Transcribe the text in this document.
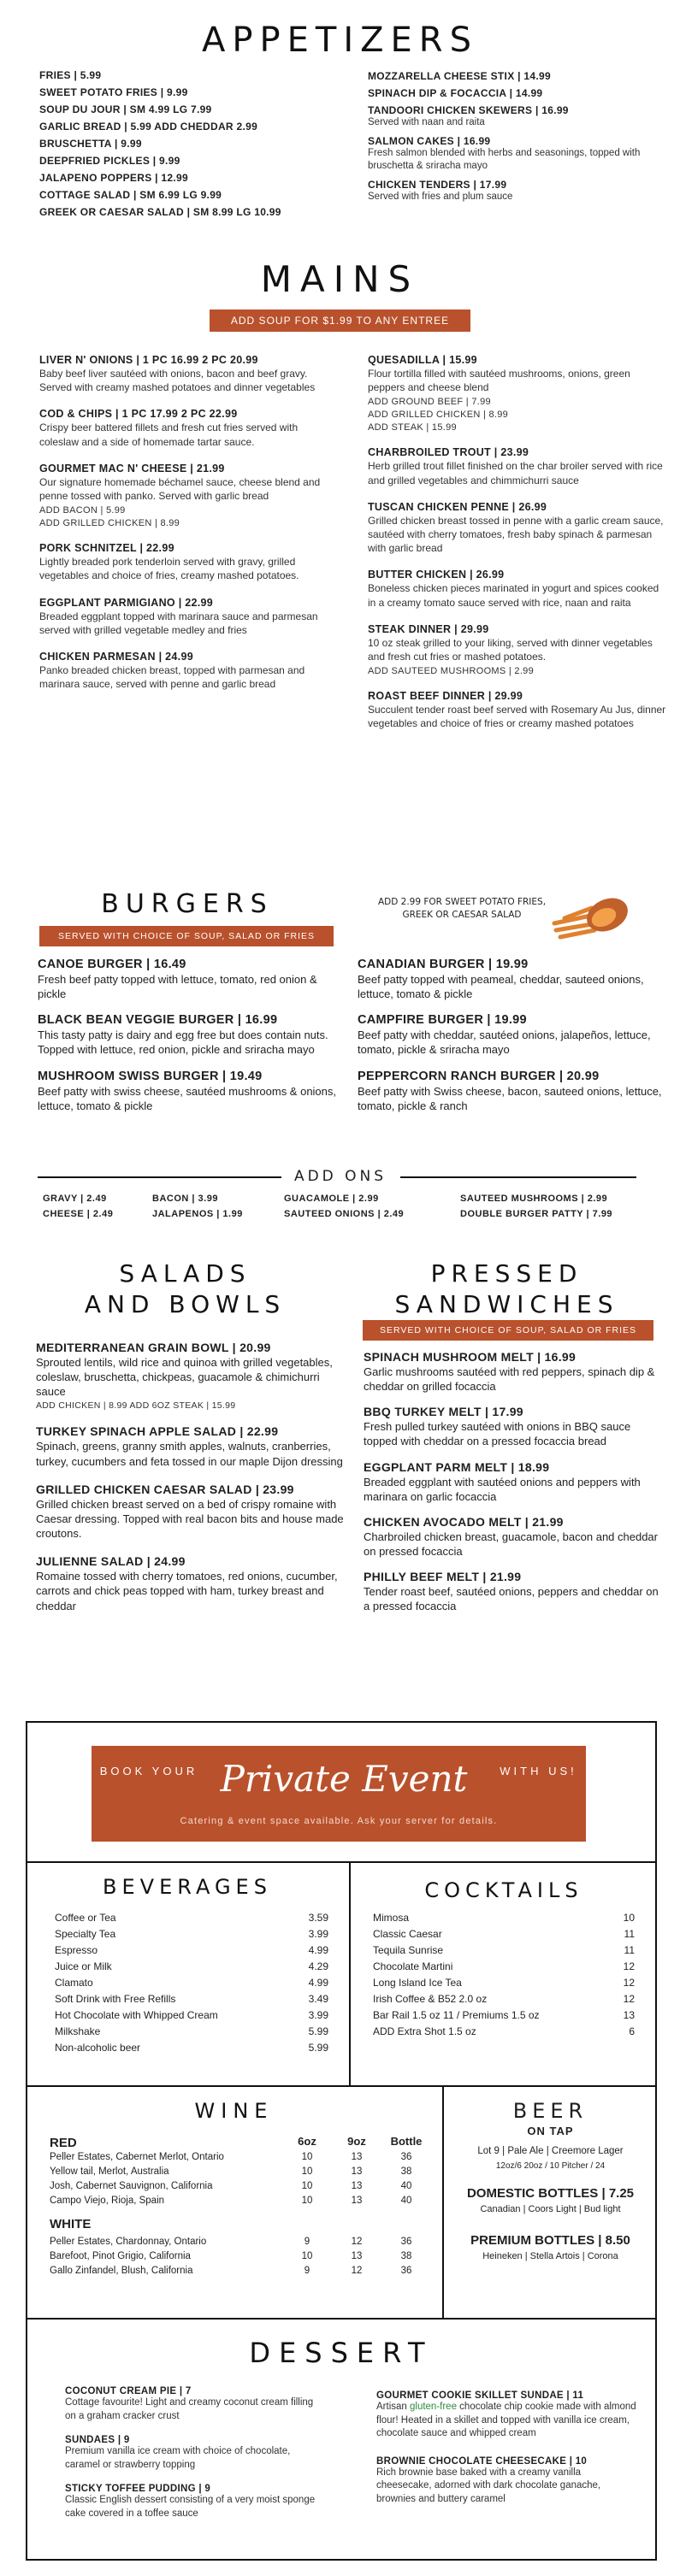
APPETIZERS
FRIES | 5.99
SWEET POTATO FRIES | 9.99
SOUP DU JOUR | SM 4.99 LG 7.99
GARLIC BREAD | 5.99 ADD CHEDDAR 2.99
BRUSCHETTA | 9.99
DEEPFRIED PICKLES | 9.99
JALAPENO POPPERS | 12.99
COTTAGE SALAD | SM 6.99 LG 9.99
GREEK OR CAESAR SALAD | SM 8.99 LG 10.99
MOZZARELLA CHEESE STIX | 14.99
SPINACH DIP & FOCACCIA | 14.99
TANDOORI CHICKEN SKEWERS | 16.99
Served with naan and raita
SALMON CAKES | 16.99
Fresh salmon blended with herbs and seasonings, topped with bruschetta & sriracha mayo
CHICKEN TENDERS | 17.99
Served with fries and plum sauce
MAINS
ADD SOUP FOR $1.99 TO ANY ENTREE
LIVER N' ONIONS | 1 PC 16.99 2 PC 20.99
Baby beef liver sautéed with onions, bacon and beef gravy. Served with creamy mashed potatoes and dinner vegetables
COD & CHIPS | 1 PC 17.99 2 PC 22.99
Crispy beer battered fillets and fresh cut fries served with coleslaw and a side of homemade tartar sauce.
GOURMET MAC N' CHEESE | 21.99
Our signature homemade béchamel sauce, cheese blend and penne tossed with panko. Served with garlic bread
ADD BACON | 5.99
ADD GRILLED CHICKEN | 8.99
PORK SCHNITZEL | 22.99
Lightly breaded pork tenderloin served with gravy, grilled vegetables and choice of fries, creamy mashed potatoes.
EGGPLANT PARMIGIANO | 22.99
Breaded eggplant topped with marinara sauce and parmesan served with grilled vegetable medley and fries
CHICKEN PARMESAN | 24.99
Panko breaded chicken breast, topped with parmesan and marinara sauce, served with penne and garlic bread
QUESADILLA | 15.99
Flour tortilla filled with sautéed mushrooms, onions, green peppers and cheese blend
ADD GROUND BEEF | 7.99
ADD GRILLED CHICKEN | 8.99
ADD STEAK | 15.99
CHARBROILED TROUT | 23.99
Herb grilled trout fillet finished on the char broiler served with rice and grilled vegetables and chimmichurri sauce
TUSCAN CHICKEN PENNE | 26.99
Grilled chicken breast tossed in penne with a garlic cream sauce, sautéed with cherry tomatoes, fresh baby spinach & parmesan with garlic bread
BUTTER CHICKEN | 26.99
Boneless chicken pieces marinated in yogurt and spices cooked in a creamy tomato sauce served with rice, naan and raita
STEAK DINNER | 29.99
10 oz steak grilled to your liking, served with dinner vegetables and fresh cut fries or mashed potatoes.
ADD SAUTEED MUSHROOMS | 2.99
ROAST BEEF DINNER | 29.99
Succulent tender roast beef served with Rosemary Au Jus, dinner vegetables and choice of fries or creamy mashed potatoes
BURGERS
SERVED WITH CHOICE OF SOUP, SALAD OR FRIES
ADD 2.99 FOR SWEET POTATO FRIES, GREEK OR CAESAR SALAD
CANOE BURGER | 16.49
Fresh beef patty topped with lettuce, tomato, red onion & pickle
BLACK BEAN VEGGIE BURGER | 16.99
This tasty patty is dairy and egg free but does contain nuts. Topped with lettuce, red onion, pickle and sriracha mayo
MUSHROOM SWISS BURGER | 19.49
Beef patty with swiss cheese, sautéed mushrooms & onions, lettuce, tomato & pickle
CANADIAN BURGER | 19.99
Beef patty topped with peameal, cheddar, sauteed onions, lettuce, tomato & pickle
CAMPFIRE BURGER | 19.99
Beef patty with cheddar, sautéed onions, jalapeños, lettuce, tomato, pickle & sriracha mayo
PEPPERCORN RANCH BURGER | 20.99
Beef patty with Swiss cheese, bacon, sauteed onions, lettuce, tomato, pickle & ranch
ADD ONS
GRAVY | 2.49
CHEESE | 2.49
BACON | 3.99
JALAPENOS | 1.99
GUACAMOLE | 2.99
SAUTEED ONIONS | 2.49
SAUTEED MUSHROOMS | 2.99
DOUBLE BURGER PATTY | 7.99
SALADS
AND BOWLS
MEDITERRANEAN GRAIN BOWL | 20.99
Sprouted lentils, wild rice and quinoa with grilled vegetables, coleslaw, bruschetta, chickpeas, guacamole & chimichurri sauce
ADD CHICKEN | 8.99 ADD 6OZ STEAK | 15.99
TURKEY SPINACH APPLE SALAD | 22.99
Spinach, greens, granny smith apples, walnuts, cranberries, turkey, cucumbers and feta tossed in our maple Dijon dressing
GRILLED CHICKEN CAESAR SALAD | 23.99
Grilled chicken breast served on a bed of crispy romaine with Caesar dressing. Topped with real bacon bits and house made croutons.
JULIENNE SALAD | 24.99
Romaine tossed with cherry tomatoes, red onions, cucumber, carrots and chick peas topped with ham, turkey breast and cheddar
PRESSED
SANDWICHES
SERVED WITH CHOICE OF SOUP, SALAD OR FRIES
SPINACH MUSHROOM MELT | 16.99
Garlic mushrooms sautéed with red peppers, spinach dip & cheddar on grilled focaccia
BBQ TURKEY MELT | 17.99
Fresh pulled turkey sautéed with onions in BBQ sauce topped with cheddar on a pressed focaccia bread
EGGPLANT PARM MELT | 18.99
Breaded eggplant with sautéed onions and peppers with marinara on garlic focaccia
CHICKEN AVOCADO MELT | 21.99
Charbroiled chicken breast, guacamole, bacon and cheddar on pressed focaccia
PHILLY BEEF MELT | 21.99
Tender roast beef, sautéed onions, peppers and cheddar on a pressed focaccia
BOOK YOUR Private Event	WITH US!
Catering & event space available. Ask your server for details.
BEVERAGES
Coffee or Tea	3.59
Specialty Tea	3.99
Espresso	4.99
Juice or Milk	4.29
Clamato	4.99
Soft Drink with Free Refills	3.49
Hot Chocolate with Whipped Cream	3.99
Milkshake	5.99
Non-alcoholic beer	5.99
COCKTAILS
Mimosa	10
Classic Caesar	11
Tequila Sunrise	11
Chocolate Martini	12
Long Island Ice Tea	12
Irish Coffee & B52 2.0 oz	12
Bar Rail 1.5 oz 11 / Premiums 1.5 oz	13
ADD Extra Shot 1.5 oz	6
WINE
RED	6oz	9oz	Bottle
Peller Estates, Cabernet Merlot, Ontario	10	13	36
Yellow tail, Merlot, Australia	10	13	38
Josh, Cabernet Sauvignon, California	10	13	40
Campo Viejo, Rioja, Spain	10	13	40
WHITE
Peller Estates, Chardonnay, Ontario	9	12	36
Barefoot, Pinot Grigio, California	10	13	38
Gallo Zinfandel, Blush, California	9	12	36
BEER
ON TAP
Lot 9 | Pale Ale | Creemore Lager
12oz/6 20oz / 10 Pitcher / 24
DOMESTIC BOTTLES | 7.25
Canadian | Coors Light | Bud light
PREMIUM BOTTLES | 8.50
Heineken | Stella Artois | Corona
DESSERT
COCONUT CREAM PIE | 7
Cottage favourite! Light and creamy coconut cream filling on a graham cracker crust
SUNDAES | 9
Premium vanilla ice cream with choice of chocolate, caramel or strawberry topping
STICKY TOFFEE PUDDING | 9
Classic English dessert consisting of a very moist sponge cake covered in a toffee sauce
GOURMET COOKIE SKILLET SUNDAE | 11
Artisan gluten-free chocolate chip cookie made with almond flour! Heated in a skillet and topped with vanilla ice cream, chocolate sauce and whipped cream
BROWNIE CHOCOLATE CHEESECAKE | 10
Rich brownie base baked with a creamy vanilla cheesecake, adorned with dark chocolate ganache, brownies and buttery caramel
